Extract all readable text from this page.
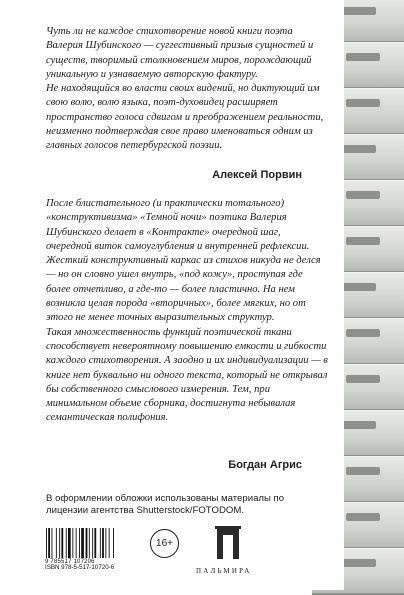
Чуть ли не каждое стихотворение новой книги поэта Валерия Шубинского — суггестивный призыв сущностей и существ, творимый столкновением миров, порождающий уникальную и узнаваемую авторскую фактуру.

Не находящийся во власти своих видений, но диктующий им свою волю, волю языка, поэт-духовидец расширяет пространство голоса сдвигом и преображением реальности, неизменно подтверждая свое право именоваться одним из главных голосов петербургской поэзии.

Алексей Порвин

После блистательного (и практически тотального) «конструктивизма» «Темной ночи» поэтика Валерия Шубинского делает в «Контракте» очередной шаг, очередной виток самоуглубления и внутренней рефлексии.

Жесткий конструктивный каркас из стихов никуда не делся — но он словно ушел внутрь, «под кожу», проступая где более отчетливо, а где-то — более пластично. На нем возникла целая порода «вторичных», более мягких, но от этого не менее точных выразительных структур.

Такая множественность функций поэтической ткани способствует невероятному повышению емкости и гибкости каждого стихотворения. А заодно и их индивидуализации — в книге нет буквально ни одного текста, который не открывал бы собственного смыслового измерения. Тем, при минимальном объеме сборника, достигнута небывалая семантическая полифония.

Богдан Агрис
В оформлении обложки использованы материалы по лицензии агентства Shutterstock/FOTODOM.
9 785517 107206
ISBN 978-5-517-10720-6
16+
ПАЛЬМИРА
